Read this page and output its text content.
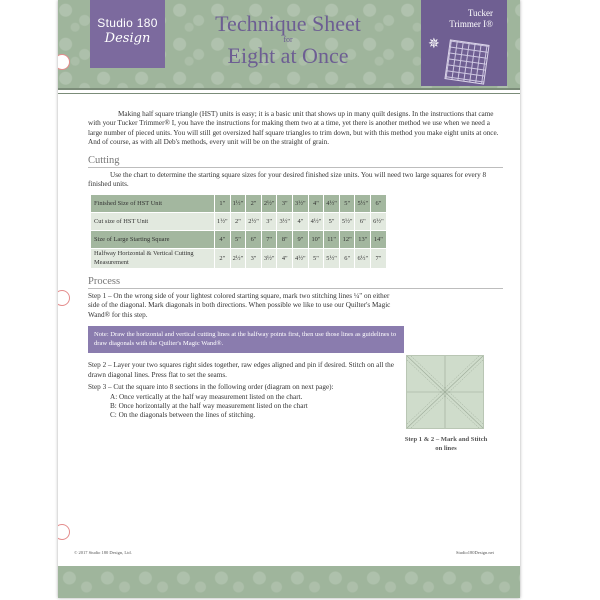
Studio 180
Design
Technique Sheet
for
Eight at Once
Tucker
Trimmer I®
✵

Making half square triangle (HST) units is easy; it is a basic unit that shows up in many quilt designs. In the instructions that came with your Tucker Trimmer® I, you have the instructions for making them two at a time, yet there is another method we use when we need a large number of pieced units. You will still get oversized half square triangles to trim down, but with this method you make eight units at once. And of course, as with all Deb's methods, every unit will be on the straight of grain.

Cutting

Use the chart to determine the starting square sizes for your desired finished size units. You will need two large squares for every 8 finished units.

Finished Size of HST Unit	1"	1½"	2"	2½"	3"	3½"	4"	4½"	5"	5½"	6"
Cut size of HST Unit	1½"	2"	2½"	3"	3½"	4"	4½"	5"	5½"	6"	6½"
Size of Large Starting Square	4"	5"	6"	7"	8"	9"	10"	11"	12"	13"	14"
Halfway Horizontal & Vertical Cutting Measurement	2"	2½"	3"	3½"	4"	4½"	5"	5½"	6"	6½"	7"
Process

Step 1 – On the wrong side of your lightest colored starting square, mark two stitching lines ¼" on either side of the diagonal. Mark diagonals in both directions. When possible we like to use our Quilter's Magic Wand® for this step.

Note: Draw the horizontal and vertical cutting lines at the halfway points first, then use those lines as guidelines to draw diagonals with the Quilter's Magic Wand®.

Step 2 – Layer your two squares right sides together, raw edges aligned and pin if desired. Stitch on all the drawn diagonal lines. Press flat to set the seams.

Step 3 – Cut the square into 8 sections in the following order (diagram on next page):

A: Once vertically at the half way measurement listed on the chart.

B: Once horizontally at the half way measurement listed on the chart

C: On the diagonals between the lines of stitching.

Step 1 & 2 – Mark and Stitch on lines
© 2017 Studio 180 Design, Ltd.	Studio180Design.net
